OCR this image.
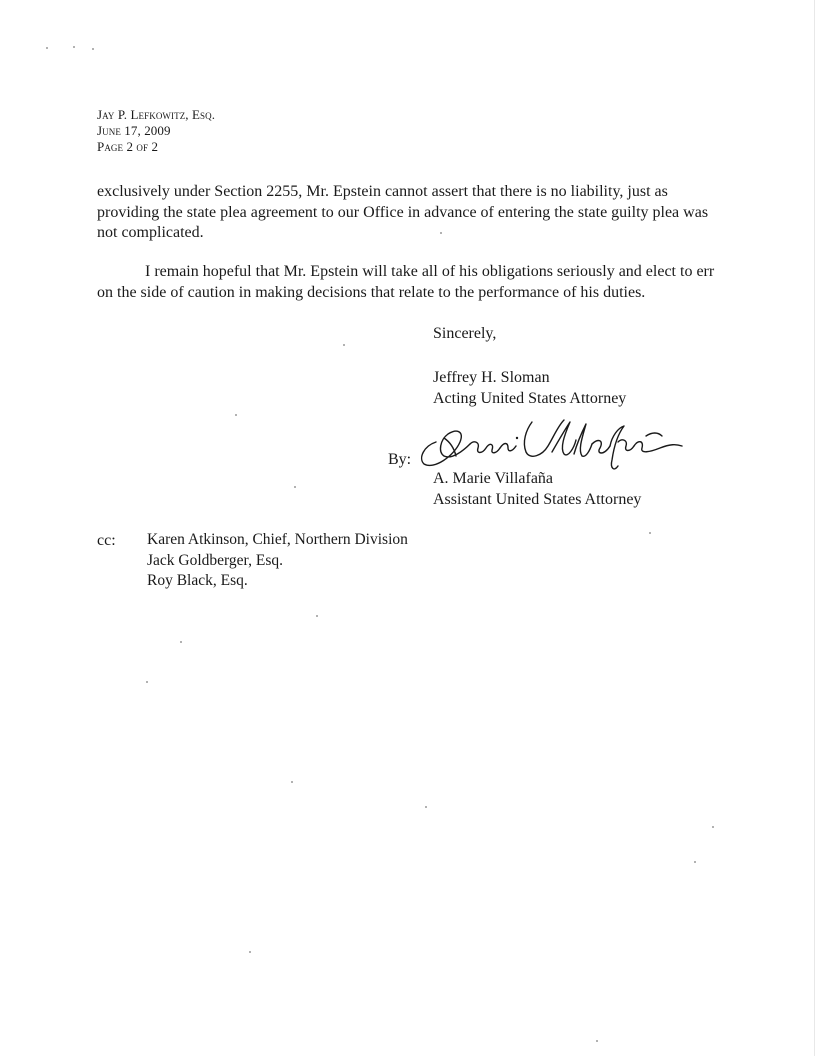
Jay P. Lefkowitz, Esq.
June 17, 2009
Page 2 of 2

exclusively under Section 2255, Mr. Epstein cannot assert that there is no liability, just as providing the state plea agreement to our Office in advance of entering the state guilty plea was not complicated.

I remain hopeful that Mr. Epstein will take all of his obligations seriously and elect to err on the side of caution in making decisions that relate to the performance of his duties.

Sincerely,
Jeffrey H. Sloman
Acting United States Attorney
By:
A. Marie Villafaña
Assistant United States Attorney
cc: Karen Atkinson, Chief, Northern Division
Jack Goldberger, Esq.
Roy Black, Esq.
